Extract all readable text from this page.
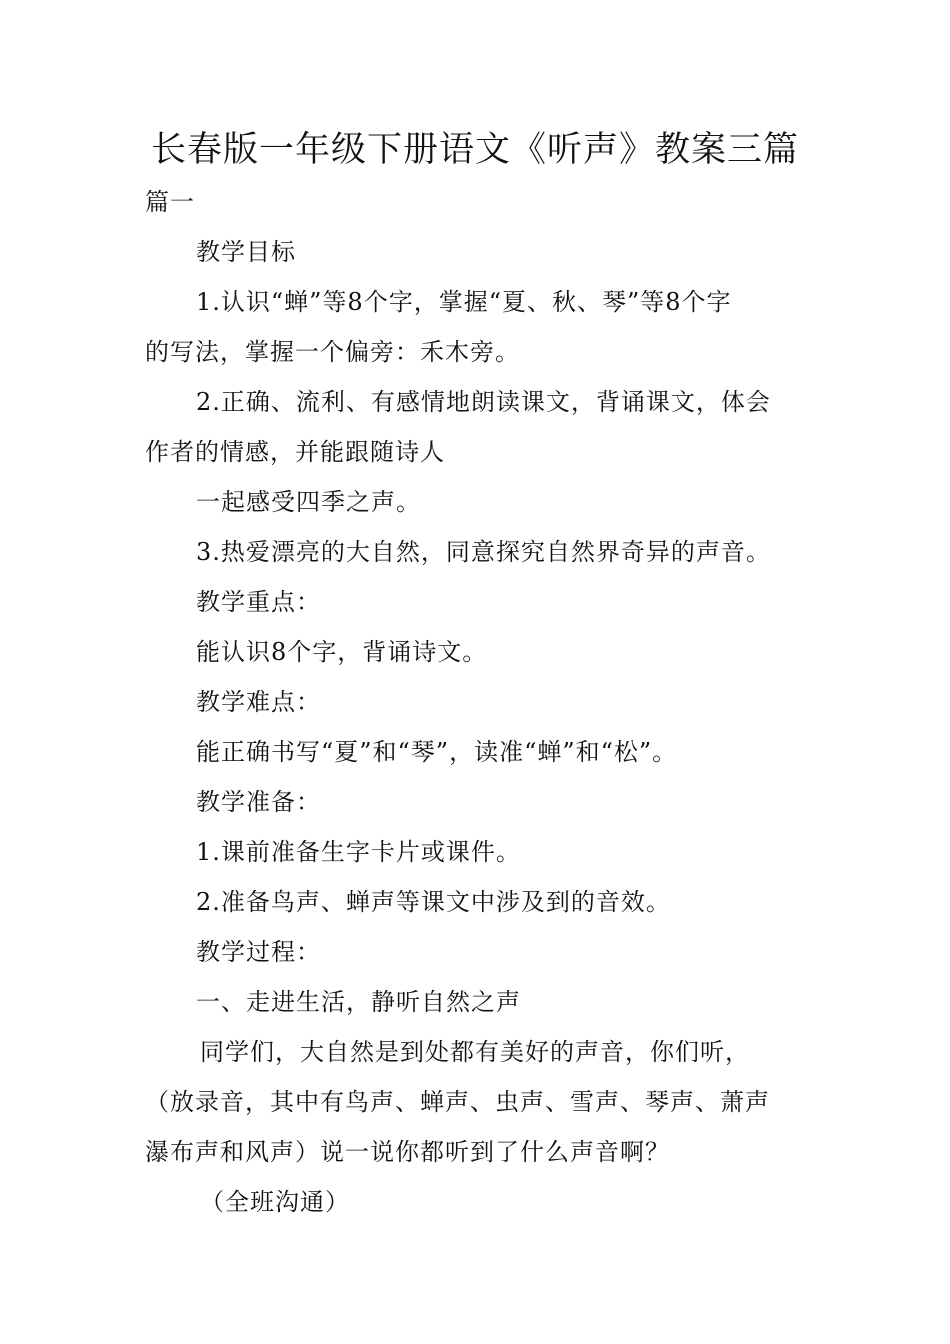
长春版一年级下册语文《听声》教案三篇
篇一
教学目标
1.认识“蝉”等8个字，掌握“夏、秋、琴”等8个字
的写法，掌握一个偏旁：禾木旁。
2.正确、流利、有感情地朗读课文，背诵课文，体会
作者的情感，并能跟随诗人
一起感受四季之声。
3.热爱漂亮的大自然，同意探究自然界奇异的声音。
教学重点：
能认识8个字，背诵诗文。
教学难点：
能正确书写“夏”和“琴”，读准“蝉”和“松”。
教学准备：
1.课前准备生字卡片或课件。
2.准备鸟声、蝉声等课文中涉及到的音效。
教学过程：
一、走进生活，静听自然之声
同学们，大自然是到处都有美好的声音，你们听，
（放录音，其中有鸟声、蝉声、虫声、雪声、琴声、萧声
瀑布声和风声）说一说你都听到了什么声音啊？
（全班沟通）
